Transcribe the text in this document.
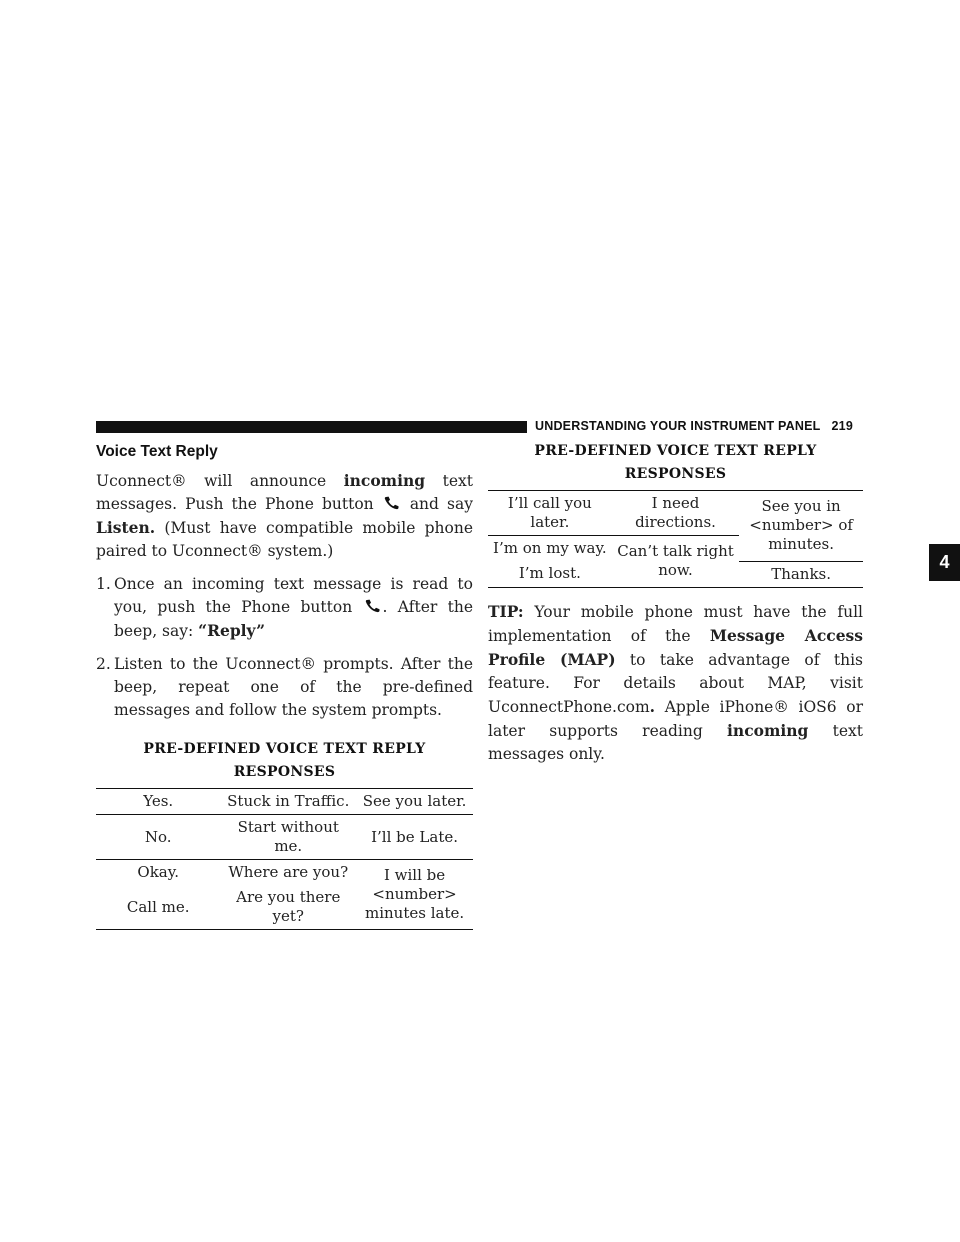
UNDERSTANDING YOUR INSTRUMENT PANEL 219
4
Voice Text Reply

Uconnect® will announce incoming text messages. Push the Phone button  and say Listen. (Must have compatible mobile phone paired to Uconnect® system.)

1. Once an incoming text message is read to you, push the Phone button . After the beep, say: “Reply”
2. Listen to the Uconnect® prompts. After the beep, repeat one of the pre-defined messages and follow the system prompts.
PRE-DEFINED VOICE TEXT REPLY RESPONSES
Yes.	Stuck in Traffic.	See you later.
No.	Start without me.	I’ll be Late.
Okay.	Where are you?	I will be <number> minutes late.
Call me.	Are you there yet?	
PRE-DEFINED VOICE TEXT REPLY RESPONSES
I’ll call you later.	I need directions.	See you in <number> of minutes.
I’m on my way.	Can’t talk right now.	
I’m lost.		Thanks.

TIP: Your mobile phone must have the full implementation of the Message Access Profile (MAP) to take advantage of this feature. For details about MAP, visit UconnectPhone.com. Apple iPhone® iOS6 or later supports reading incoming text messages only.
